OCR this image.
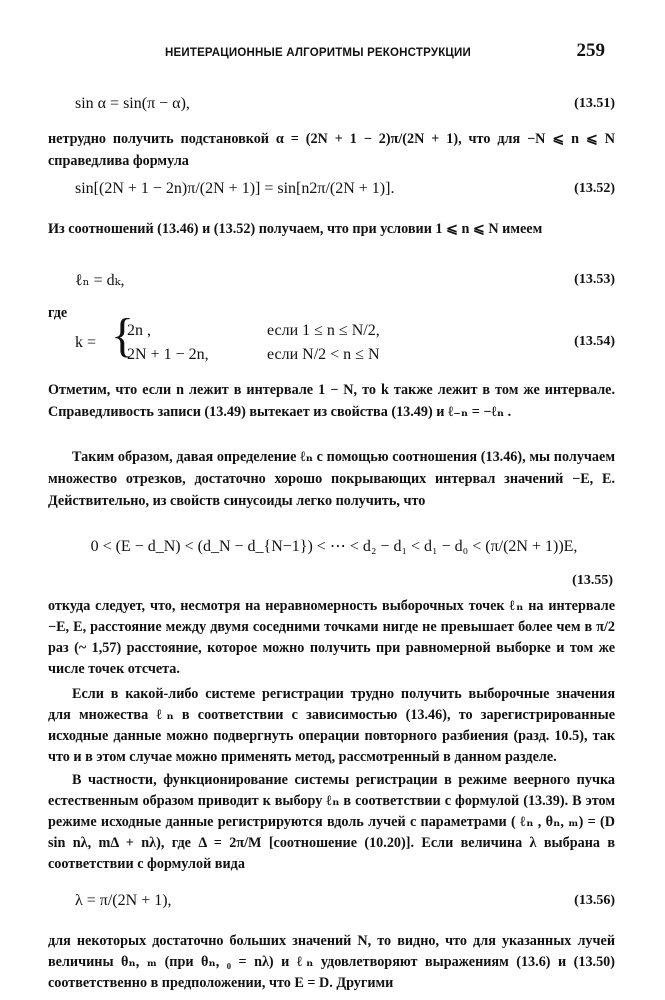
НЕИТЕРАЦИОННЫЕ АЛГОРИТМЫ РЕКОНСТРУКЦИИ	259
sin α = sin(π − α),	(13.51)

нетрудно получить подстановкой α = (2N + 1 − 2)π/(2N + 1), что для −N ⩽ n ⩽ N справедлива формула

sin[(2N + 1 − 2n)π/(2N + 1)] = sin[n2π/(2N + 1)].	(13.52)

Из соотношений (13.46) и (13.52) получаем, что при условии 1 ⩽ n ⩽ N имеем

ℓₙ = dₖ,	(13.53)

где

k = {
2n ,	если 1 ≤ n ≤ N/2,
2N + 1 − 2n,	если N/2 < n ≤ N
(13.54)

Отметим, что если n лежит в интервале 1 − N, то k также лежит в том же интервале. Справедливость записи (13.49) вытекает из свойства (13.49) и ℓ₋ₙ = −ℓₙ .

Таким образом, давая определение ℓₙ с помощью соотношения (13.46), мы получаем множество отрезков, достаточно хорошо покрывающих интервал значений −E, E. Действительно, из свойств синусоиды легко получить, что

0 < (E − d_N) < (d_N − d_{N−1}) < ⋯ < d₂ − d₁ < d₁ − d₀ < (π/(2N + 1))E,
(13.55)

откуда следует, что, несмотря на неравномерность выборочных точек ℓₙ на интервале −E, E, расстояние между двумя соседними точками нигде не превышает более чем в π/2 раз (~ 1,57) расстояние, которое можно получить при равномерной выборке и том же числе точек отсчета.

Если в какой-либо системе регистрации трудно получить выборочные значения для множества ℓₙ в соответствии с зависимостью (13.46), то зарегистрированные исходные данные можно подвергнуть операции повторного разбиения (разд. 10.5), так что и в этом случае можно применять метод, рассмотренный в данном разделе.

В частности, функционирование системы регистрации в режиме веерного пучка естественным образом приводит к выбору ℓₙ в соответствии с формулой (13.39). В этом режиме исходные данные регистрируются вдоль лучей с параметрами ( ℓₙ , θₙ, ₘ) = (D sin nλ, mΔ + nλ), где Δ = 2π/M [соотношение (10.20)]. Если величина λ выбрана в соответствии с формулой вида

λ = π/(2N + 1),	(13.56)

для некоторых достаточно больших значений N, то видно, что для указанных лучей величины θₙ, ₘ (при θₙ, ₀ = nλ) и ℓₙ удовлетворяют выражениям (13.6) и (13.50) соответственно в предположении, что E = D. Другими
